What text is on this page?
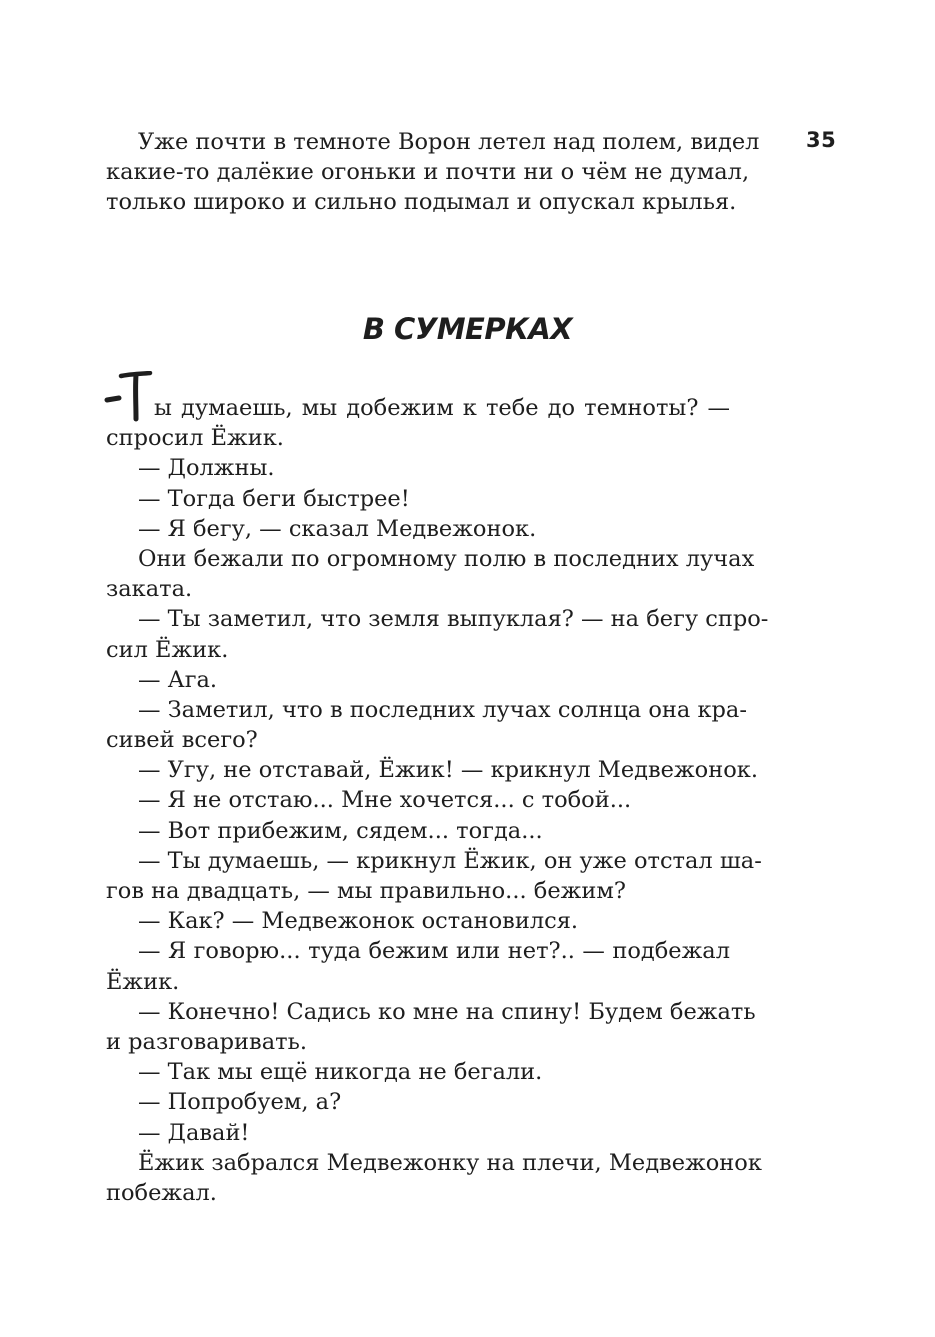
35
Уже почти в темноте Ворон летел над полем, видел
какие-то далёкие огоньки и почти ни о чём не думал,
только широко и сильно подымал и опускал крылья.
В СУМЕРКАХ
ы думаешь, мы добежим к тебе до темноты? —
спросил Ёжик.
— Должны.
— Тогда беги быстрее!
— Я бегу, — сказал Медвежонок.
Они бежали по огромному полю в последних лучах
заката.
— Ты заметил, что земля выпуклая? — на бегу спро-
сил Ёжик.
— Ага.
— Заметил, что в последних лучах солнца она кра-
сивей всего?
— Угу, не отставай, Ёжик! — крикнул Медвежонок.
— Я не отстаю... Мне хочется... с тобой...
— Вот прибежим, сядем... тогда...
— Ты думаешь, — крикнул Ёжик, он уже отстал ша-
гов на двадцать, — мы правильно... бежим?
— Как? — Медвежонок остановился.
— Я говорю... туда бежим или нет?.. — подбежал
Ёжик.
— Конечно! Садись ко мне на спину! Будем бежать
и разговаривать.
— Так мы ещё никогда не бегали.
— Попробуем, а?
— Давай!
Ёжик забрался Медвежонку на плечи, Медвежонок
побежал.
